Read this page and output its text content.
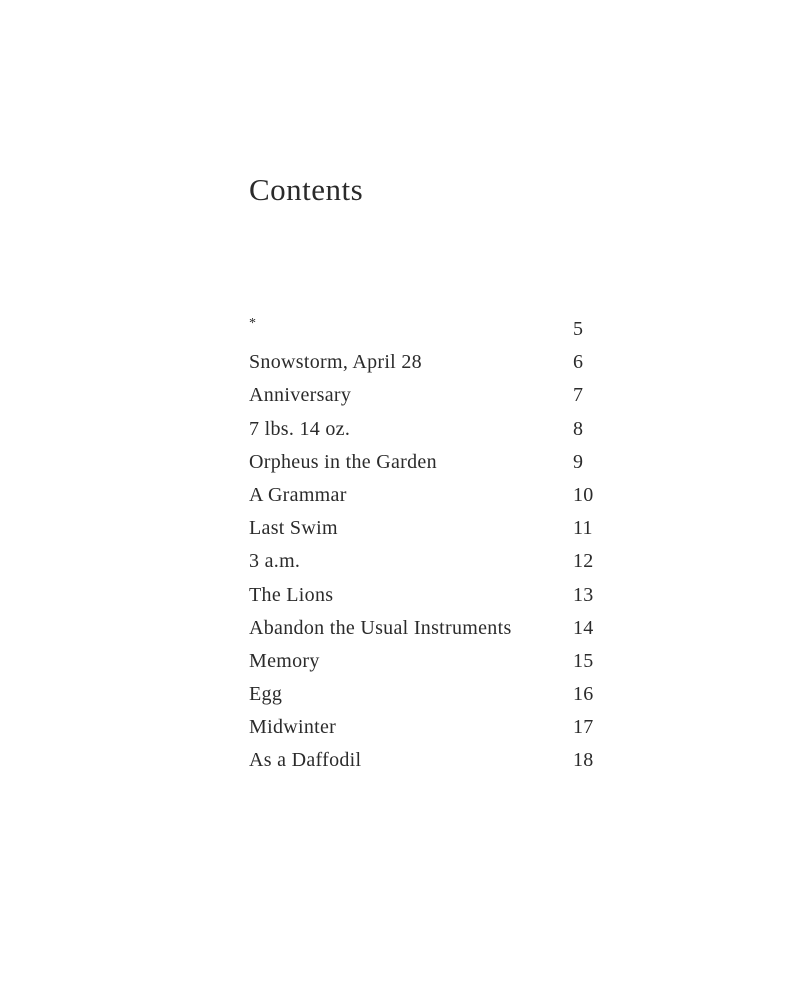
Contents
*	5
Snowstorm, April 28	6
Anniversary	7
7 lbs. 14 oz.	8
Orpheus in the Garden	9
A Grammar	10
Last Swim	11
3 a.m.	12
The Lions	13
Abandon the Usual Instruments	14
Memory	15
Egg	16
Midwinter	17
As a Daffodil	18
